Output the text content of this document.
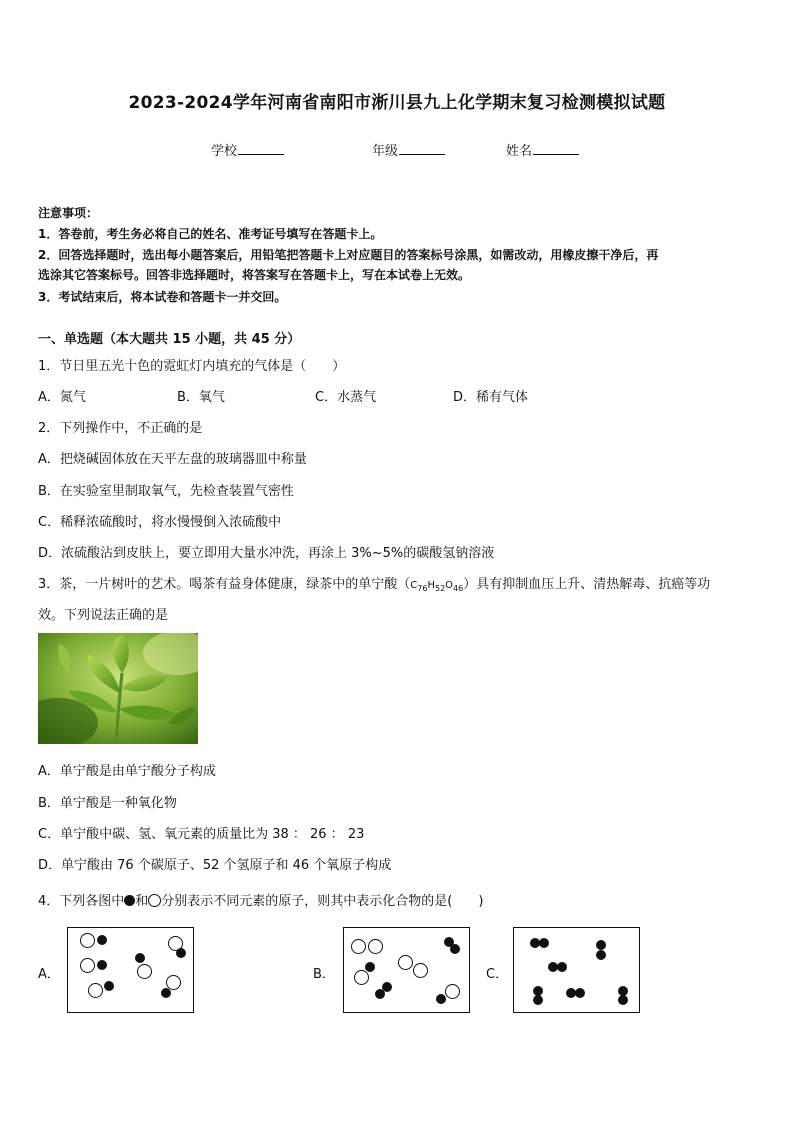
2023-2024学年河南省南阳市淅川县九上化学期末复习检测模拟试题
学校	年级	姓名
注意事项：
1．答卷前，考生务必将自己的姓名、准考证号填写在答题卡上。
2．回答选择题时，选出每小题答案后，用铅笔把答题卡上对应题目的答案标号涂黑，如需改动，用橡皮擦干净后，再
选涂其它答案标号。回答非选择题时，将答案写在答题卡上，写在本试卷上无效。
3．考试结束后，将本试卷和答题卡一并交回。
一、单选题（本大题共 15 小题，共 45 分）
1．节日里五光十色的霓虹灯内填充的气体是（　　）
A．氮气	B．氧气	C．水蒸气	D．稀有气体
2．下列操作中，不正确的是
A．把烧碱固体放在天平左盘的玻璃器皿中称量
B．在实验室里制取氧气，先检查装置气密性
C．稀释浓硫酸时，将水慢慢倒入浓硫酸中
D．浓硫酸沾到皮肤上，要立即用大量水冲洗，再涂上 3%~5%的碳酸氢钠溶液
3．茶，一片树叶的艺术。喝茶有益身体健康，绿茶中的单宁酸$(C_{76}H_{52}O_{46})$具有抑制血压上升、清热解毒、抗癌等功
效。下列说法正确的是
A．单宁酸是由单宁酸分子构成
B．单宁酸是一种氧化物
C．单宁酸中碳、氢、氧元素的质量比为 38 ： 26 ： 23
D．单宁酸由 76 个碳原子、52 个氢原子和 46 个氧原子构成
4．下列各图中 和 分别表示不同元素的原子，则其中表示化合物的是(　　)
A．	B．	C．
